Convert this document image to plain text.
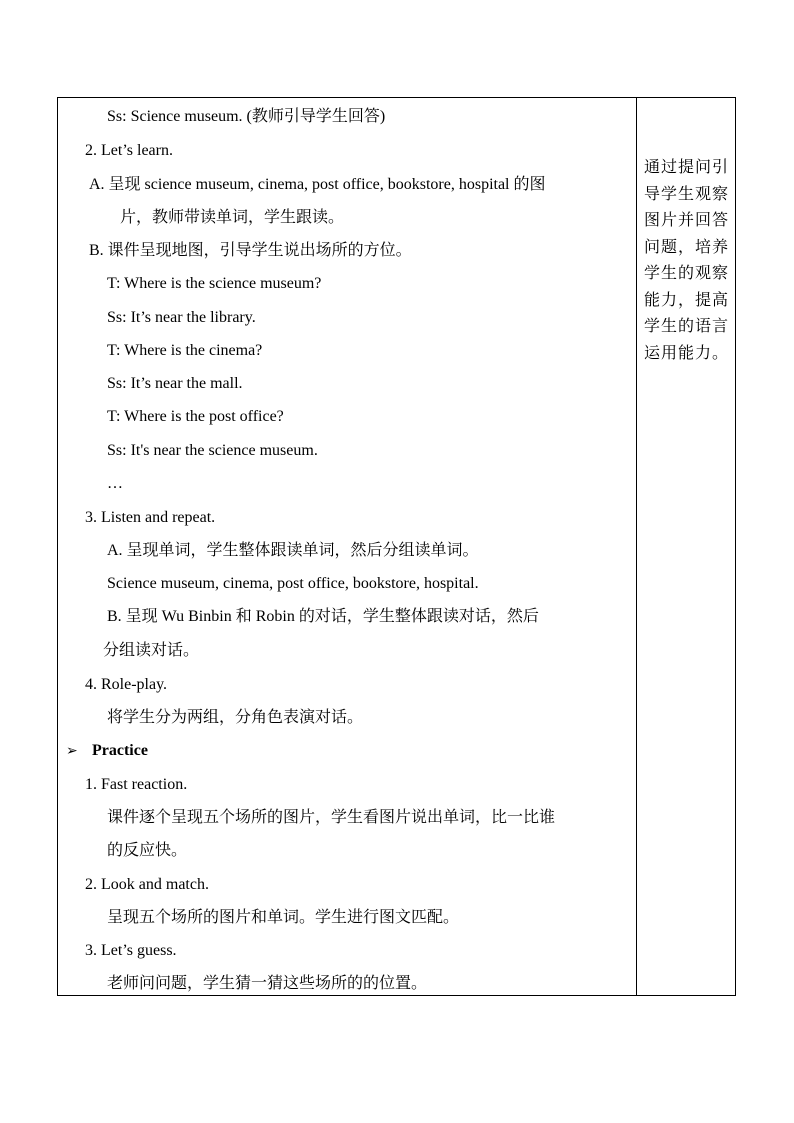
Ss: Science museum. (教师引导学生回答)
2. Let’s learn.
A. 呈现 science museum, cinema, post office, bookstore, hospital 的图
片，教师带读单词，学生跟读。
B. 课件呈现地图，引导学生说出场所的方位。
T: Where is the science museum?
Ss: It’s near the library.
T: Where is the cinema?
Ss: It’s near the mall.
T: Where is the post office?
Ss: It's near the science museum.
…
3. Listen and repeat.
A. 呈现单词，学生整体跟读单词，然后分组读单词。
Science museum, cinema, post office, bookstore, hospital.
B. 呈现 Wu Binbin 和 Robin 的对话，学生整体跟读对话，然后
分组读对话。
4. Role-play.
将学生分为两组，分角色表演对话。
➢ Practice
1. Fast reaction.
课件逐个呈现五个场所的图片，学生看图片说出单词，比一比谁
的反应快。
2. Look and match.
呈现五个场所的图片和单词。学生进行图文匹配。
3. Let’s guess.
老师问问题，学生猜一猜这些场所的的位置。
通过提问引
导学生观察
图片并回答
问题，培养
学生的观察
能力，提高
学生的语言
运用能力。
